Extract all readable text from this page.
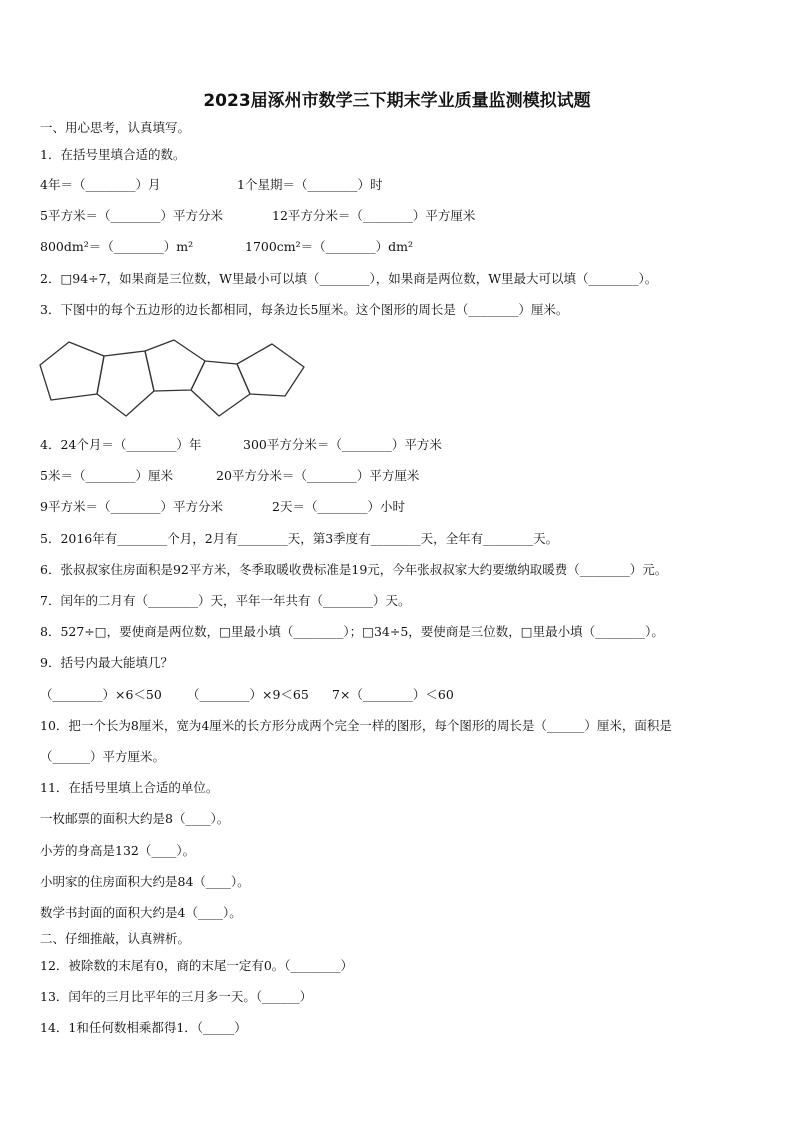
2023届涿州市数学三下期末学业质量监测模拟试题
一、用心思考，认真填写。
1．在括号里填合适的数。
4年＝（________）月	1个星期＝（________）时
5平方米＝（________）平方分米	12平方分米＝（________）平方厘米
800dm²＝（________）m²	1700cm²＝（________）dm²
2．□94÷7，如果商是三位数，W里最小可以填（________），如果商是两位数，W里最大可以填（________）。
3．下图中的每个五边形的边长都相同，每条边长5厘米。这个图形的周长是（________）厘米。
4．24个月＝（________）年	300平方分米＝（________）平方米
5米＝（________）厘米	20平方分米＝（________）平方厘米
9平方米＝（________）平方分米	2天＝（________）小时
5．2016年有________个月，2月有________天，第3季度有________天，全年有________天。
6．张叔叔家住房面积是92平方米，冬季取暖收费标准是19元，今年张叔叔家大约要缴纳取暖费（________）元。
7．闰年的二月有（________）天，平年一年共有（________）天。
8．527÷□，要使商是两位数，□里最小填（________）；□34÷5，要使商是三位数，□里最小填（________）。
9．括号内最大能填几？
（________）×6＜50 （________）×9＜65 7×（________）＜60
10．把一个长为8厘米，宽为4厘米的长方形分成两个完全一样的图形，每个图形的周长是（______）厘米，面积是
（______）平方厘米。
11．在括号里填上合适的单位。
一枚邮票的面积大约是8（____）。
小芳的身高是132（____）。
小明家的住房面积大约是84（____）。
数学书封面的面积大约是4（____）。
二、仔细推敲，认真辨析。
12．被除数的末尾有0，商的末尾一定有0。（________）
13．闰年的三月比平年的三月多一天。（______）
14．1和任何数相乘都得1．（_____）
